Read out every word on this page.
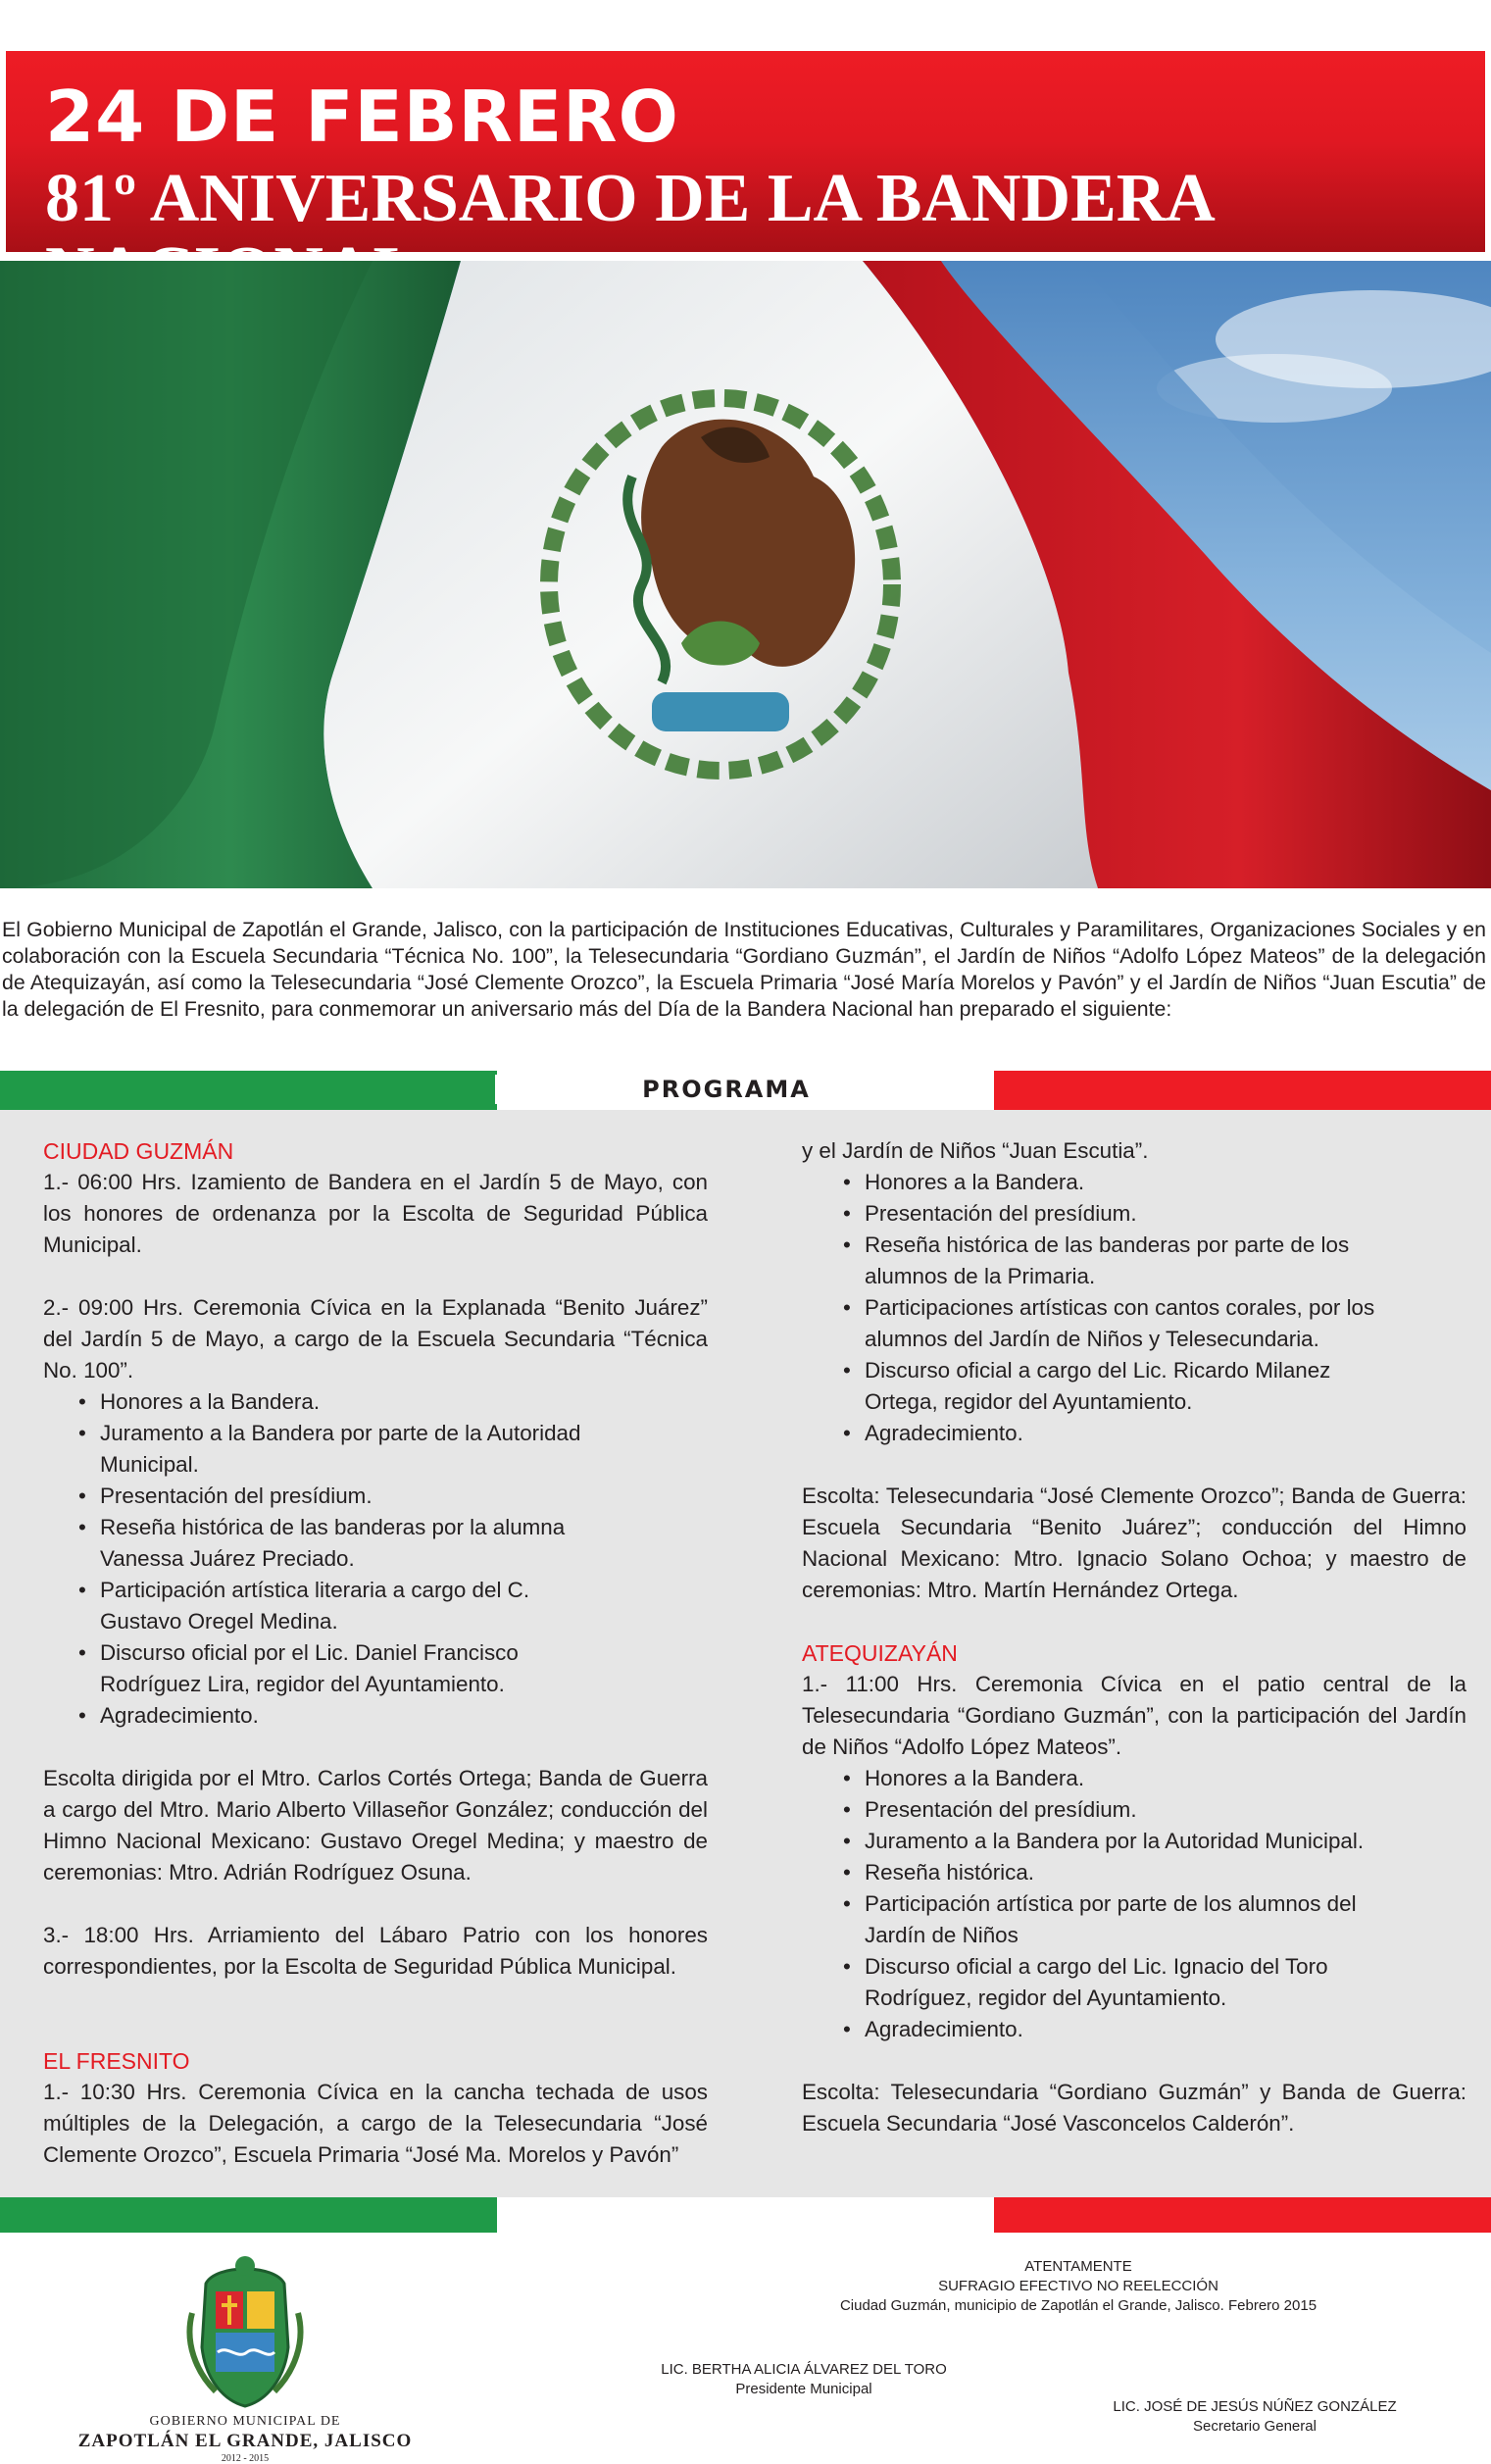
24 DE FEBRERO
81º ANIVERSARIO DE LA BANDERA

El Gobierno Municipal de Zapotlán el Grande, Jalisco, con la participación de Instituciones Educativas, Culturales y Paramilitares, Organizaciones Sociales y en colaboración con la Escuela Secundaria “Técnica No. 100”, la Telesecundaria “Gordiano Guzmán”, el Jardín de Niños “Adolfo López Mateos” de la delegación de Atequizayán, así como la Telesecundaria “José Clemente Orozco”, la Escuela Primaria “José María Morelos y Pavón” y el Jardín de Niños “Juan Escutia” de la delegación de El Fresnito, para conmemorar un aniversario más del Día de la Bandera Nacional han preparado el siguiente:

PROGRAMA

CIUDAD GUZMÁN

1.- 06:00 Hrs. Izamiento de Bandera en el Jardín 5 de Mayo, con los honores de ordenanza por la Escolta de Seguridad Pública Municipal.

2.- 09:00 Hrs. Ceremonia Cívica en la Explanada “Benito Juárez” del Jardín 5 de Mayo, a cargo de la Escuela Secundaria “Técnica No. 100”.

• Honores a la Bandera.
• Juramento a la Bandera por parte de la Autoridad Municipal.
• Presentación del presídium.
• Reseña histórica de las banderas por la alumna Vanessa Juárez Preciado.
• Participación artística literaria a cargo del C. Gustavo Oregel Medina.
• Discurso oficial por el Lic. Daniel Francisco Rodríguez Lira, regidor del Ayuntamiento.
• Agradecimiento.

Escolta dirigida por el Mtro. Carlos Cortés Ortega; Banda de Guerra a cargo del Mtro. Mario Alberto Villaseñor González; conducción del Himno Nacional Mexicano: Gustavo Oregel Medina; y maestro de ceremonias: Mtro. Adrián Rodríguez Osuna.

3.- 18:00 Hrs. Arriamiento del Lábaro Patrio con los honores correspondientes, por la Escolta de Seguridad Pública Municipal.

EL FRESNITO

1.- 10:30 Hrs. Ceremonia Cívica en la cancha techada de usos múltiples de la Delegación, a cargo de la Telesecundaria “José Clemente Orozco”, Escuela Primaria “José Ma. Morelos y Pavón”

y el Jardín de Niños “Juan Escutia”.

• Honores a la Bandera.
• Presentación del presídium.
• Reseña histórica de las banderas por parte de los alumnos de la Primaria.
• Participaciones artísticas con cantos corales, por los alumnos del Jardín de Niños y Telesecundaria.
• Discurso oficial a cargo del Lic. Ricardo Milanez Ortega, regidor del Ayuntamiento.
• Agradecimiento.

Escolta: Telesecundaria “José Clemente Orozco”; Banda de Guerra: Escuela Secundaria “Benito Juárez”; conducción del Himno Nacional Mexicano: Mtro. Ignacio Solano Ochoa; y maestro de ceremonias: Mtro. Martín Hernández Ortega.

ATEQUIZAYÁN

1.- 11:00 Hrs. Ceremonia Cívica en el patio central de la Telesecundaria “Gordiano Guzmán”, con la participación del Jardín de Niños “Adolfo López Mateos”.

• Honores a la Bandera.
• Presentación del presídium.
• Juramento a la Bandera por la Autoridad Municipal.
• Reseña histórica.
• Participación artística por parte de los alumnos del Jardín de Niños
• Discurso oficial a cargo del Lic. Ignacio del Toro Rodríguez, regidor del Ayuntamiento.
• Agradecimiento.

Escolta: Telesecundaria “Gordiano Guzmán” y Banda de Guerra: Escuela Secundaria “José Vasconcelos Calderón”.

GOBIERNO MUNICIPAL DE

ZAPOTLÁN EL GRANDE, JALISCO

2012 - 2015

ATENTAMENTE

SUFRAGIO EFECTIVO NO REELECCIÓN

Ciudad Guzmán, municipio de Zapotlán el Grande, Jalisco. Febrero 2015

LIC. BERTHA ALICIA ÁLVAREZ DEL TORO

Presidente Municipal

LIC. JOSÉ DE JESÚS NÚÑEZ GONZÁLEZ

Secretario General
